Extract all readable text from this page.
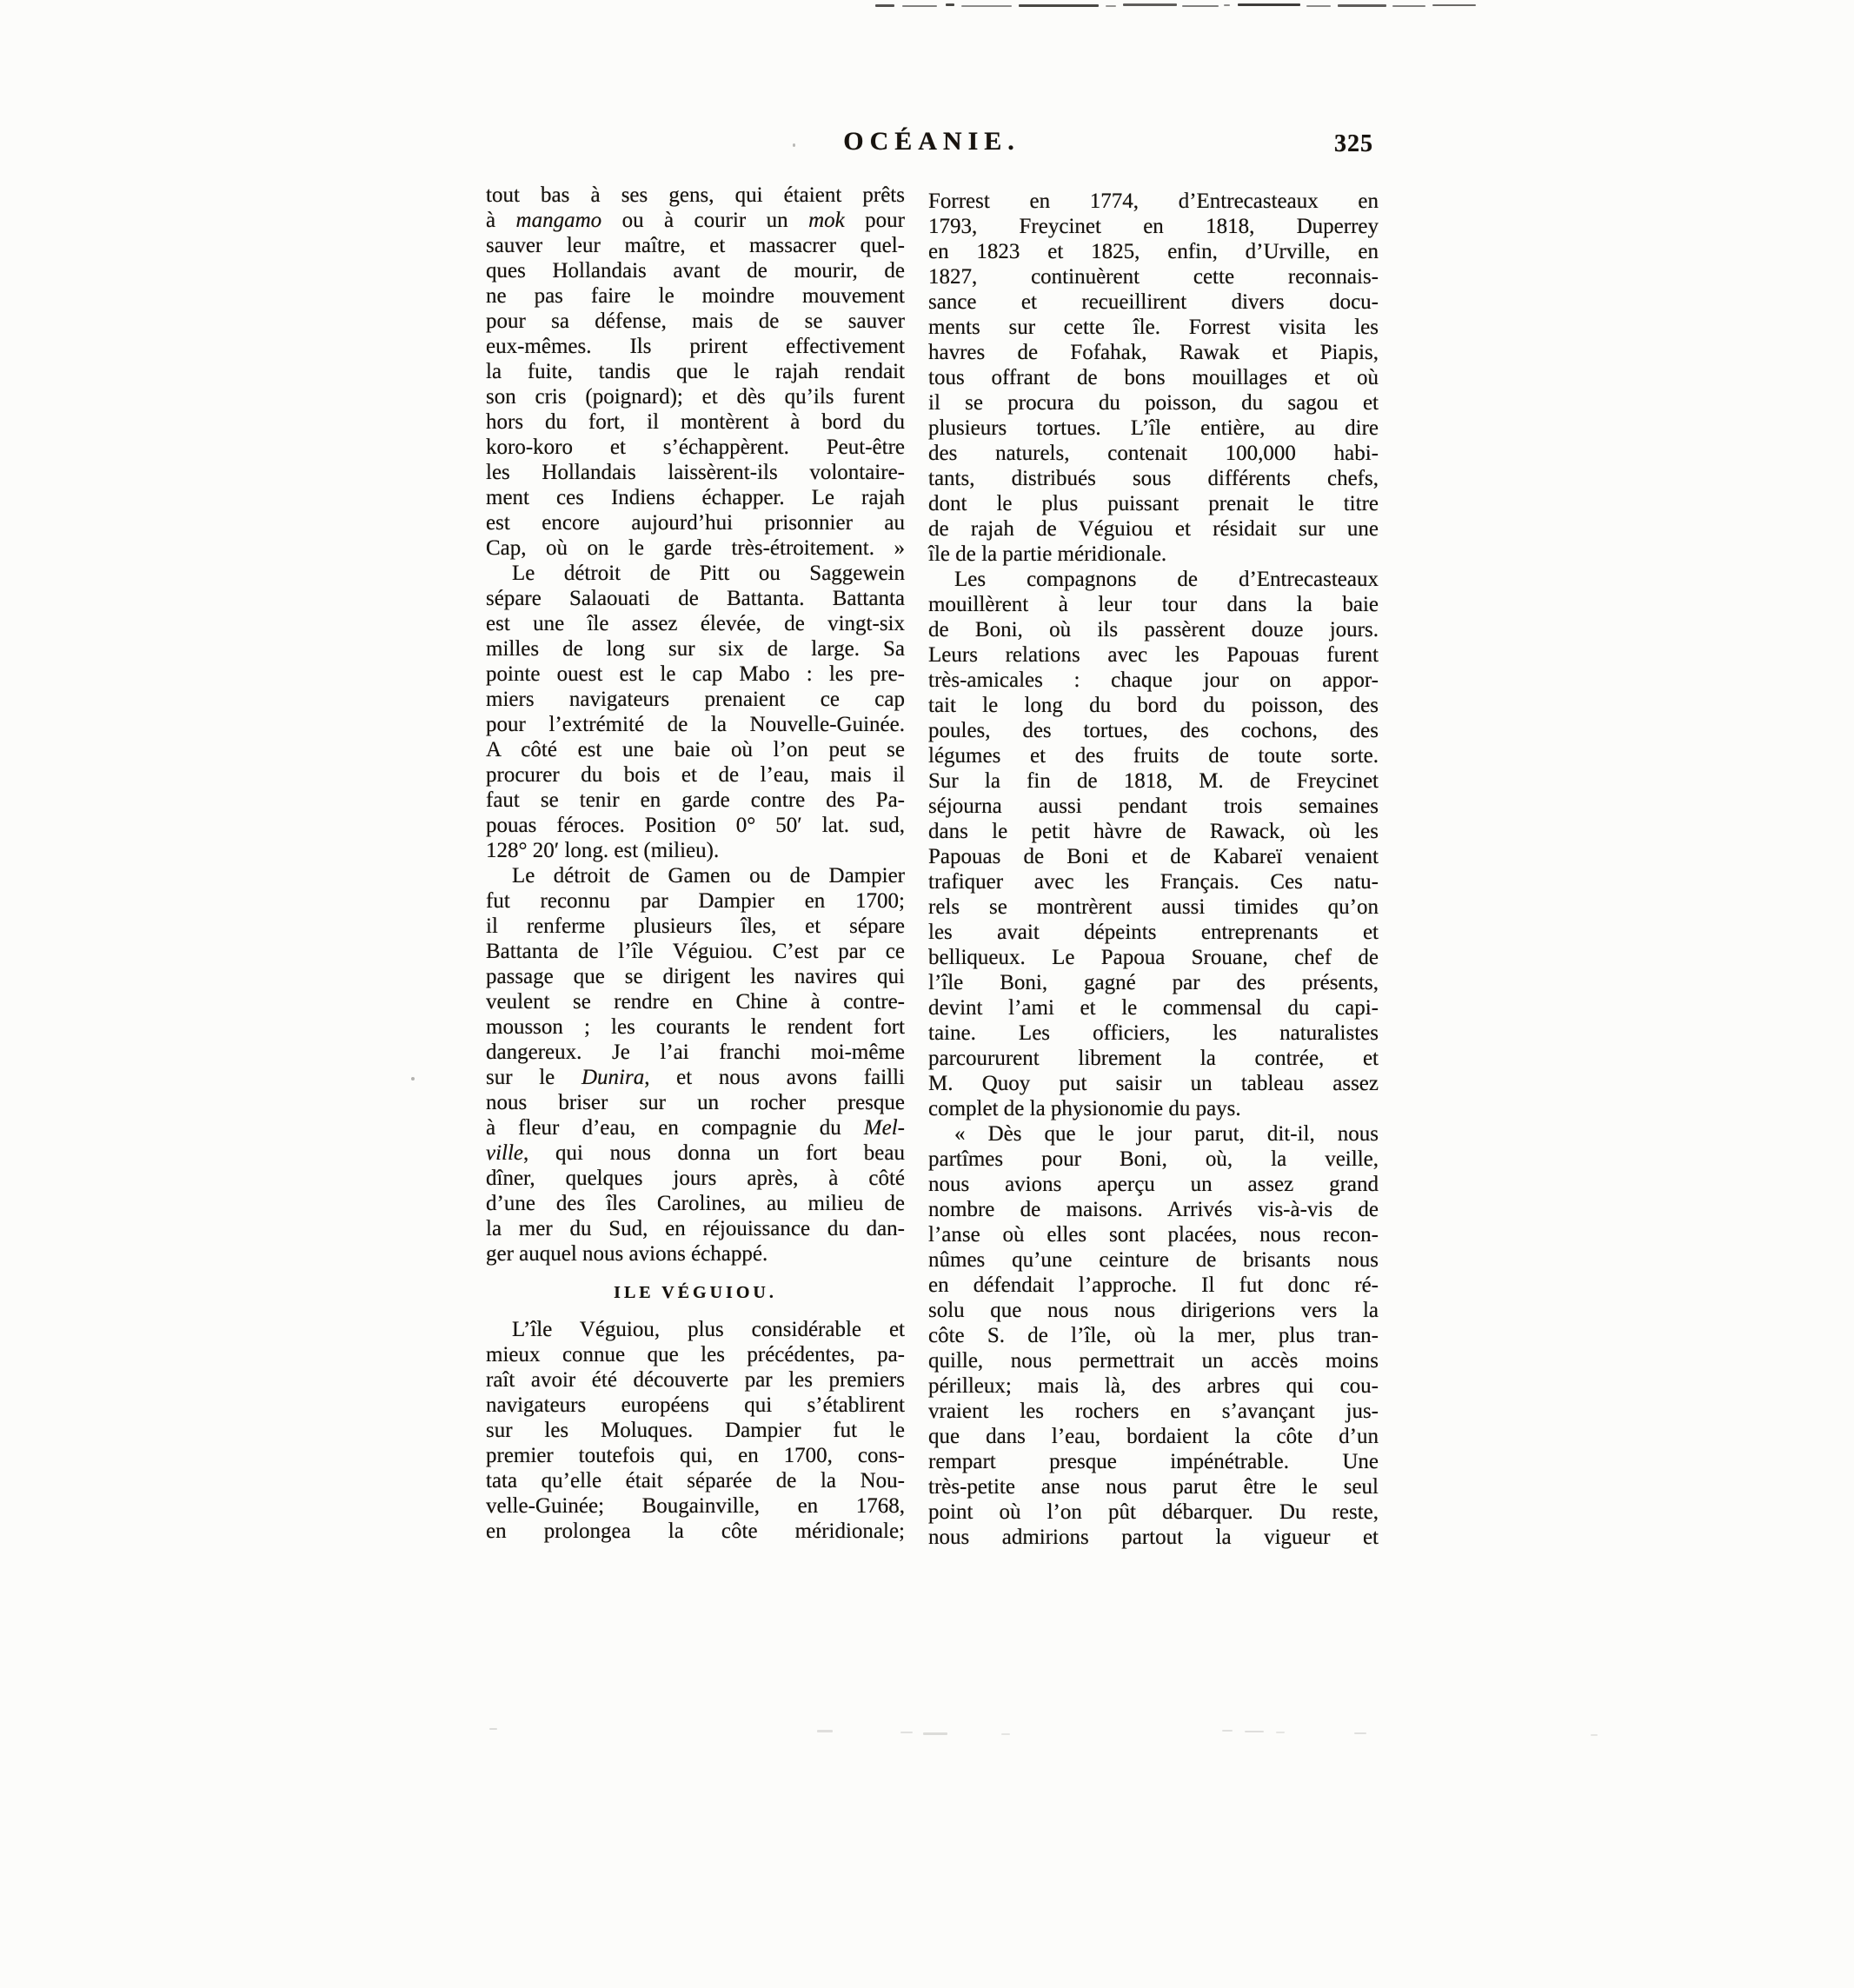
OCÉANIE.	325
tout bas à ses gens, qui étaient prêts
à mangamo ou à courir un mok pour
sauver leur maître, et massacrer quel-
ques Hollandais avant de mourir, de
ne pas faire le moindre mouvement
pour sa défense, mais de se sauver
eux-mêmes. Ils prirent effectivement
la fuite, tandis que le rajah rendait
son cris (poignard); et dès qu’ils furent
hors du fort, il montèrent à bord du
koro-koro et s’échappèrent. Peut-être
les Hollandais laissèrent-ils volontaire-
ment ces Indiens échapper. Le rajah
est encore aujourd’hui prisonnier au
Cap, où on le garde très-étroitement. »
Le détroit de Pitt ou Saggewein
sépare Salaouati de Battanta. Battanta
est une île assez élevée, de vingt-six
milles de long sur six de large. Sa
pointe ouest est le cap Mabo : les pre-
miers navigateurs prenaient ce cap
pour l’extrémité de la Nouvelle-Guinée.
A côté est une baie où l’on peut se
procurer du bois et de l’eau, mais il
faut se tenir en garde contre des Pa-
pouas féroces. Position 0° 50′ lat. sud,
128° 20′ long. est (milieu).
Le détroit de Gamen ou de Dampier
fut reconnu par Dampier en 1700;
il renferme plusieurs îles, et sépare
Battanta de l’île Véguiou. C’est par ce
passage que se dirigent les navires qui
veulent se rendre en Chine à contre-
mousson ; les courants le rendent fort
dangereux. Je l’ai franchi moi-même
sur le Dunira, et nous avons failli
nous briser sur un rocher presque
à fleur d’eau, en compagnie du Mel-
ville, qui nous donna un fort beau
dîner, quelques jours après, à côté
d’une des îles Carolines, au milieu de
la mer du Sud, en réjouissance du dan-
ger auquel nous avions échappé.
ILE VÉGUIOU.
L’île Véguiou, plus considérable et
mieux connue que les précédentes, pa-
raît avoir été découverte par les premiers
navigateurs européens qui s’établirent
sur les Moluques. Dampier fut le
premier toutefois qui, en 1700, cons-
tata qu’elle était séparée de la Nou-
velle-Guinée; Bougainville, en 1768,
en prolongea la côte méridionale;
Forrest en 1774, d’Entrecasteaux en
1793, Freycinet en 1818, Duperrey
en 1823 et 1825, enfin, d’Urville, en
1827, continuèrent cette reconnais-
sance et recueillirent divers docu-
ments sur cette île. Forrest visita les
havres de Fofahak, Rawak et Piapis,
tous offrant de bons mouillages et où
il se procura du poisson, du sagou et
plusieurs tortues. L’île entière, au dire
des naturels, contenait 100,000 habi-
tants, distribués sous différents chefs,
dont le plus puissant prenait le titre
de rajah de Véguiou et résidait sur une
île de la partie méridionale.
Les compagnons de d’Entrecasteaux
mouillèrent à leur tour dans la baie
de Boni, où ils passèrent douze jours.
Leurs relations avec les Papouas furent
très-amicales : chaque jour on appor-
tait le long du bord du poisson, des
poules, des tortues, des cochons, des
légumes et des fruits de toute sorte.
Sur la fin de 1818, M. de Freycinet
séjourna aussi pendant trois semaines
dans le petit hàvre de Rawack, où les
Papouas de Boni et de Kabareï venaient
trafiquer avec les Français. Ces natu-
rels se montrèrent aussi timides qu’on
les avait dépeints entreprenants et
belliqueux. Le Papoua Srouane, chef de
l’île Boni, gagné par des présents,
devint l’ami et le commensal du capi-
taine. Les officiers, les naturalistes
parcoururent librement la contrée, et
M. Quoy put saisir un tableau assez
complet de la physionomie du pays.
« Dès que le jour parut, dit-il, nous
partîmes pour Boni, où, la veille,
nous avions aperçu un assez grand
nombre de maisons. Arrivés vis-à-vis de
l’anse où elles sont placées, nous recon-
nûmes qu’une ceinture de brisants nous
en défendait l’approche. Il fut donc ré-
solu que nous nous dirigerions vers la
côte S. de l’île, où la mer, plus tran-
quille, nous permettrait un accès moins
périlleux; mais là, des arbres qui cou-
vraient les rochers en s’avançant jus-
que dans l’eau, bordaient la côte d’un
rempart presque impénétrable. Une
très-petite anse nous parut être le seul
point où l’on pût débarquer. Du reste,
nous admirions partout la vigueur et
